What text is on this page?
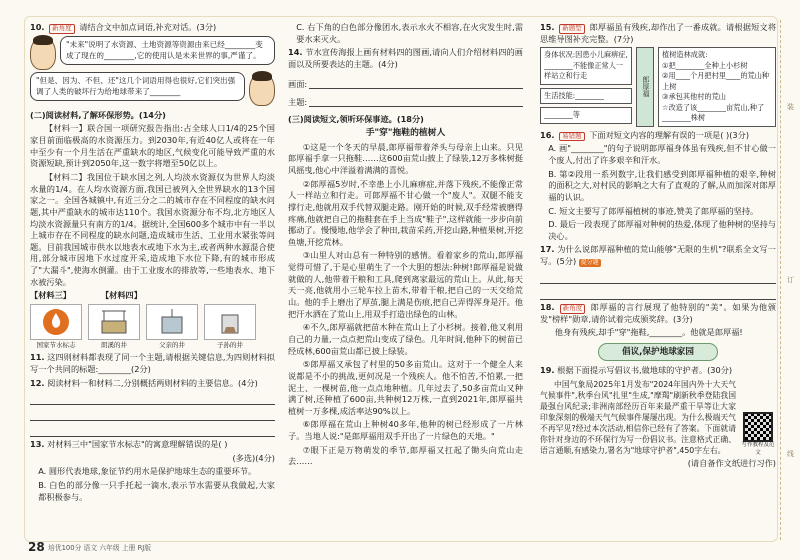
10. 新角度 请结合文中加点词语,补充对话。(3分)
"未来"说明了水资源、土地资源等资源由来已经________变成了现在的________,它的使用认是未来世界的事,严谨了。
"但是、因为、不但、还"这几个词语用得也很好,它们突出强调了人类的破坏行为给地球带来了________
(二)阅读材料,了解环保形势。(14分)
【材料一】联合国一项研究报告指出:占全球人口1/4的25个国家目前面临极高的水资源压力。到2030年,有近40亿人或将在一年中至少有一个月生活在严重缺水的地区,气候变化可能导致严重的水资源短缺,预计到2050年,这一数字将增至50亿以上。
【材料二】我国位于缺水国之列,人均淡水资源仅为世界人均淡水量的1/4。在人均水资源方面,我国已被列入全世界缺水的13个国家之一。全国各城镇中,有近三分之二的城市存在不同程度的缺水问题,其中严重缺水的城市达110个。我国水资源分布不均,北方地区人均淡水资源量只有南方的1/4。据统计,全国600多个城市中有一半以上城市存在不同程度的缺水问题,造成城市生活、工业用水紧张等问题。目前我国城市供水以地表水或地下水为主,或者两种水源混合使用,部分城市因地下水过度开采,造成地下水位下降,有的城市形成了"大漏斗",使海水倒灌。由于工业废水的排放等,一些地表水、地下水被污染。
【材料三】	【材料四】
国家节水标志	朗溪的井	父亲的井	子孙的井
11. 这四则材料都表现了同一个主题,请根据关键信息,为四则材料拟写一个共同的标题:________(2分)
12. 阅读材料一和材料二,分别概括两则材料的主要信息。(4分)
13. 对材料三中"国家节水标志"的寓意理解错误的是( )
(多选)(4分)
A. 圆形代表地球,象征节约用水是保护地球生态的重要环节。
B. 白色的部分像一只手托起一滴水,表示节水需要从我做起,大家都积极参与。
C. 右下角的白色部分像团水,表示水火不相容,在火灾发生时,需要水来灭火。
14. 节水宣传海报上画有材料四的图画,请向人们介绍材料四的画面以及所要表达的主题。(4分)
画面:
主题:
(三)阅读短文,领听环保事迹。(18分)
手"穿"拖鞋的植树人
①这是一个冬天的早晨,郎厚福带着斧头与母亲上山来。只见郎厚福手拿一只拖鞋……这600亩荒山披上了绿装,12万多株树挺风摇曳,他心中洋溢着满满的喜悦。
②郎厚福5岁时,不幸患上小儿麻痹症,并落下残疾,不能像正常人一样站立和行走。可郎厚福不甘心做一个"废人"。双腿不能支撑行走,他就用双手代替双腿走路。刚开始的时候,双手经常被磨得疼痛,他就把自己的拖鞋套在手上当成"鞋子",这样就能一步步向前挪动了。慢慢地,他学会了种田,栽苗采药,开挖山路,种植果树,开挖鱼塘,开挖荒林。
③山里人对山总有一种特别的感情。看着家乡的荒山,郎厚福觉得可惜了,于是心里萌生了一个大胆的想法:种树!郎厚福是说做就做的人,他带着干粮和工具,爬到离家最远的荒山上。从此,每天天一亮,他就用小三轮车拉上苗木,带着干粮,把自己的一天交给荒山。他的手上磨出了厚茧,腿上满是伤痕,把自己弄得浑身是汗。他把汗水洒在了荒山上,用双手打造出绿色的山林。
④不久,郎厚福就把苗木种在荒山上了小杉树。接着,他又利用自己的力量,一点点把荒山变成了绿色。几年时间,他种下的树苗已经成林,600亩荒山都已披上绿装。
⑤郎厚福又承包了村里的50多亩荒山。这对于一个健全人来说都是不小的挑战,更何况是一个残疾人。他不怕苦,不怕累,一把泥土、一棵树苗,他一点点地种植。几年过去了,50多亩荒山又种满了树,还种植了600亩,共种树12万株,一直到2021年,郎厚福共植树一万多棵,成活率达90%以上。
⑥郎厚福在荒山上种树40多年,他种的树已经形成了一片林子。当地人说:"是郎厚福用双手开出了一片绿色的天地。"
⑦眼下正是万物萌发的季节,郎厚福又扛起了锄头向荒山走去……
15. 新题型 郎厚福虽有残疾,却作出了一番成就。请根据短文将思维导图补充完整。(7分)
身体状况:因患小儿麻痹症, ________不能像正常人一样站立和行走
生活技能:________
________等
郎厚福
植树造林成就:
①把________全种上小杉树
②用____个月把村里____的荒山种上树
③承包其他村的荒山
☆改造了该________亩荒山,种了________株树
16. 易错题 下面对短文内容的理解有误的一项是( )(3分)
A. 画"________"的句子说明郎厚福身体虽有残疾,但不甘心做一个废人,付出了许多艰辛和汗水。
B. 第②段用一系列数字,让我们感受到郎厚福种植的艰辛,种树的面积之大,对村民的影响之大有了直观的了解,从而加深对郎厚福的认识。
C. 短文主要写了郎厚福植树的事迹,赞美了郎厚福的坚持。
D. 最后一段表现了郎厚福对种树的热爱,体现了他种树的坚持与决心。
17. 为什么说郎厚福种植的荒山能够"无限的生机"?联系全文写一写。(5分) 提分题
18. 新角度 郎厚福的言行展现了他特别的"美"。如果为他颁发"榜样"勋章,请你试着完成颁奖辞。(3分)
他身有残疾,却手"穿"拖鞋,________。他就是郎厚福!
倡议,保护地球家园
19. 根据下面提示写倡议书,做地球的守护者。(30分)
中国气象局2025年1月发布"2024年国内外十大天气气候事件",秋季台风"扎里"生成,"摩羯"刷新秋季登陆我国最强台风纪录;非洲南部经历百年来最严重干旱等让大家印象深刻的极端天气气候事件屡屡出现。为什么极端天气不再罕见?经过本次活动,相信你已经有了答案。下面就请你针对身边的不环保行为写一份倡议书。注意格式正确、语言通顺,有感染力,署名为"地球守护者",450字左右。
写作教程及范文
(请自备作文纸进行习作)
装
订
线
28 培优100分 语文 六年级 上册 RJ版
